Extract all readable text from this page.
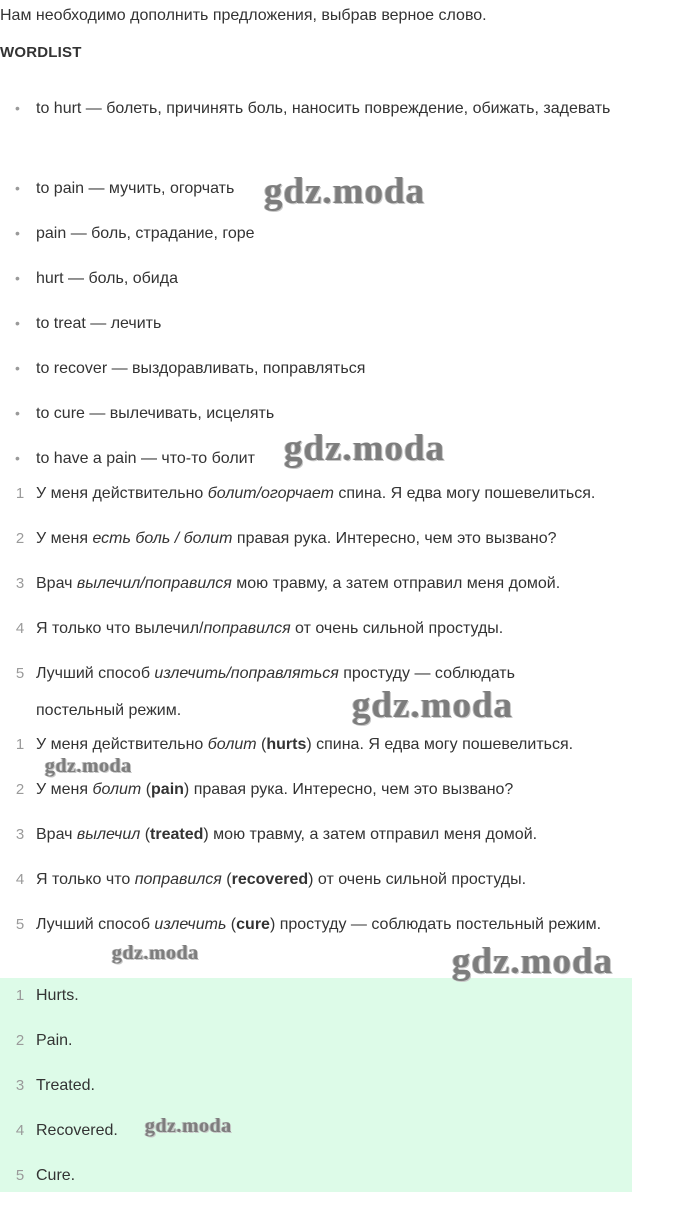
Нам необходимо дополнить предложения, выбрав верное слово.
WORDLIST
• to hurt — болеть, причинять боль, наносить повреждение, обижать, задевать
• to pain — мучить, огорчать
• pain — боль, страдание, горе
• hurt — боль, обида
• to treat — лечить
• to recover — выздоравливать, поправляться
• to cure — вылечивать, исцелять
• to have a pain — что-то болит
1 У меня действительно болит/огорчает спина. Я едва могу пошевелиться.
2 У меня есть боль / болит правая рука. Интересно, чем это вызвано?
3 Врач вылечил/поправился мою травму, а затем отправил меня домой.
4 Я только что вылечил/поправился от очень сильной простуды.
5 Лучший способ излечить/поправляться простуду — соблюдать постельный режим.
1 У меня действительно болит (hurts) спина. Я едва могу пошевелиться.
2 У меня болит (pain) правая рука. Интересно, чем это вызвано?
3 Врач вылечил (treated) мою травму, а затем отправил меня домой.
4 Я только что поправился (recovered) от очень сильной простуды.
5 Лучший способ излечить (cure) простуду — соблюдать постельный режим.
1 Hurts.
2 Pain.
3 Treated.
4 Recovered.
5 Cure.
gdz.moda
gdz.moda
gdz.moda
gdz.moda
gdz.moda	gdz.moda
gdz.moda
